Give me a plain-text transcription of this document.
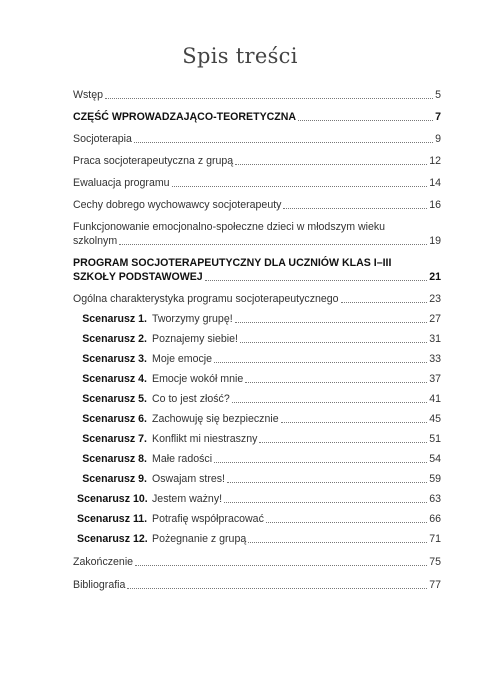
Spis treści
Wstęp	5
CZĘŚĆ WPROWADZAJĄCO-TEORETYCZNA	7
Socjoterapia	9
Praca socjoterapeutyczna z grupą	12
Ewaluacja programu	14
Cechy dobrego wychowawcy socjoterapeuty	16
Funkcjonowanie emocjonalno-społeczne dzieci w młodszym wieku
szkolnym	19
PROGRAM SOCJOTERAPEUTYCZNY DLA UCZNIÓW KLAS I–III
SZKOŁY PODSTAWOWEJ	21
Ogólna charakterystyka programu socjoterapeutycznego	23
Scenarusz 1. Tworzymy grupę!	27
Scenarusz 2. Poznajemy siebie!	31
Scenarusz 3. Moje emocje	33
Scenarusz 4. Emocje wokół mnie	37
Scenarusz 5. Co to jest złość?	41
Scenarusz 6. Zachowuję się bezpiecznie	45
Scenarusz 7. Konflikt mi niestraszny	51
Scenarusz 8. Małe radości	54
Scenarusz 9. Oswajam stres!	59
Scenarusz 10. Jestem ważny!	63
Scenarusz 11. Potrafię współpracować	66
Scenarusz 12. Pożegnanie z grupą	71
Zakończenie	75
Bibliografia	77
